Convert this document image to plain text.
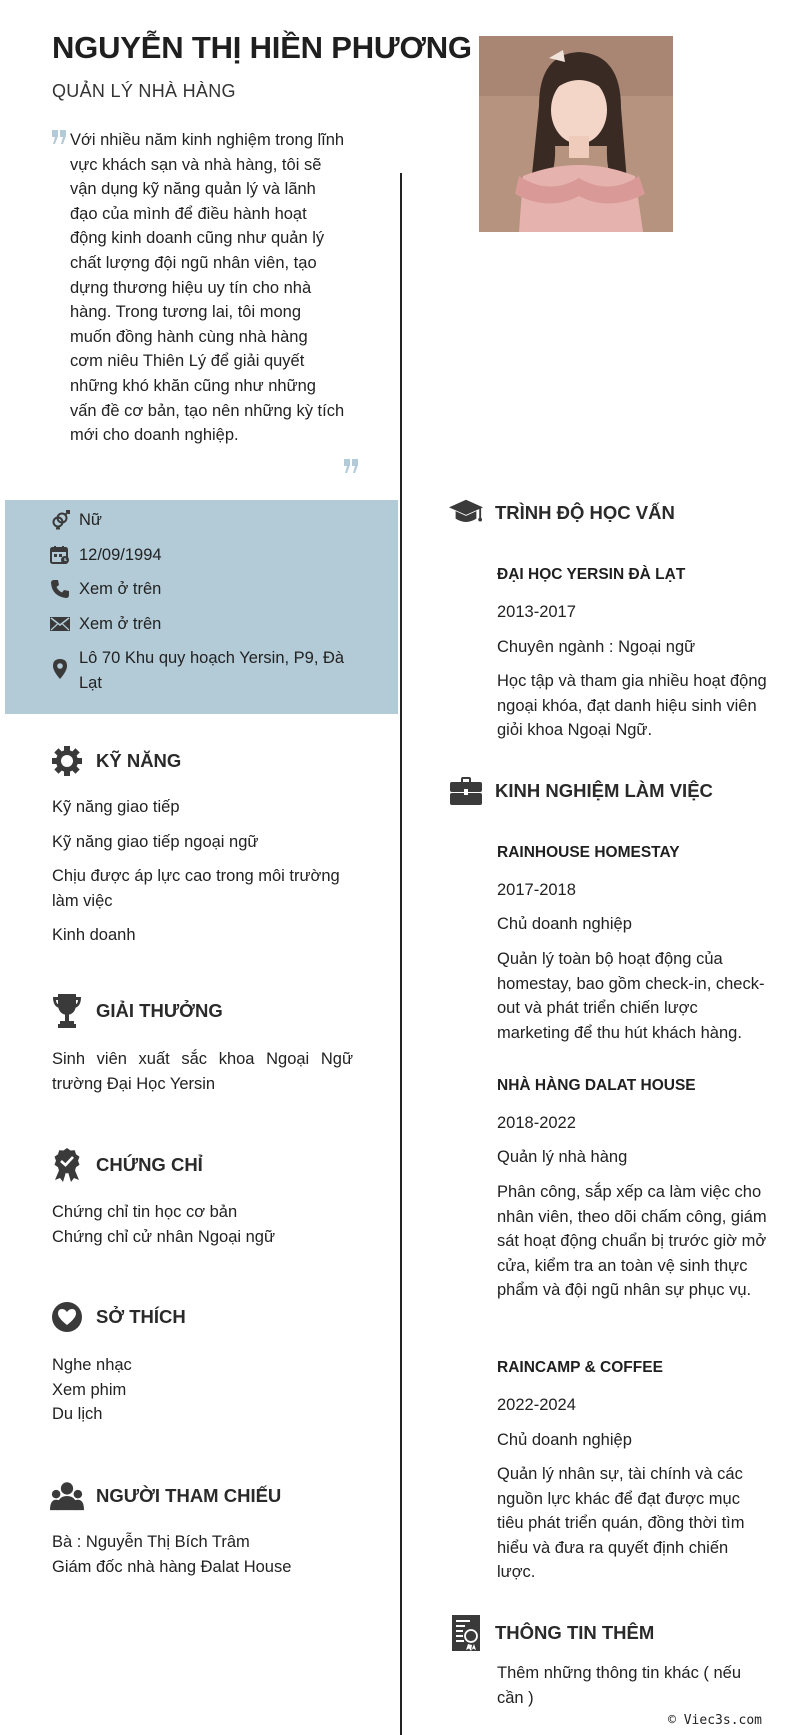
NGUYỄN THỊ HIỀN PHƯƠNG
QUẢN LÝ NHÀ HÀNG
Với nhiều năm kinh nghiệm trong lĩnh vực khách sạn và nhà hàng, tôi sẽ vận dụng kỹ năng quản lý và lãnh đạo của mình để điều hành hoạt động kinh doanh cũng như quản lý chất lượng đội ngũ nhân viên, tạo dựng thương hiệu uy tín cho nhà hàng. Trong tương lai, tôi mong muốn đồng hành cùng nhà hàng cơm niêu Thiên Lý để giải quyết những khó khăn cũng như những vấn đề cơ bản, tạo nên những kỳ tích mới cho doanh nghiệp.
Nữ
12/09/1994
Xem ở trên
Xem ở trên
Lô 70 Khu quy hoạch Yersin, P9, Đà Lạt
KỸ NĂNG
Kỹ năng giao tiếp
Kỹ năng giao tiếp ngoại ngữ
Chịu được áp lực cao trong môi trường làm việc
Kinh doanh
GIẢI THƯỞNG
Sinh viên xuất sắc khoa Ngoại Ngữ trường Đại Học Yersin
CHỨNG CHỈ
Chứng chỉ tin học cơ bản
Chứng chỉ cử nhân Ngoại ngữ
SỞ THÍCH
Nghe nhạc
Xem phim
Du lịch
NGƯỜI THAM CHIẾU
Bà : Nguyễn Thị Bích Trâm
Giám đốc nhà hàng Đalat House
TRÌNH ĐỘ HỌC VẤN
ĐẠI HỌC YERSIN ĐÀ LẠT
2013-2017
Chuyên ngành : Ngoại ngữ
Học tập và tham gia nhiều hoạt động ngoại khóa, đạt danh hiệu sinh viên giỏi khoa Ngoại Ngữ.
KINH NGHIỆM LÀM VIỆC
RAINHOUSE HOMESTAY
2017-2018
Chủ doanh nghiệp
Quản lý toàn bộ hoạt động của homestay, bao gồm check-in, check-out và phát triển chiến lược marketing để thu hút khách hàng.
NHÀ HÀNG DALAT HOUSE
2018-2022
Quản lý nhà hàng
Phân công, sắp xếp ca làm việc cho nhân viên, theo dõi chấm công, giám sát hoạt động chuẩn bị trước giờ mở cửa, kiểm tra an toàn vệ sinh thực phẩm và đội ngũ nhân sự phục vụ.
RAINCAMP & COFFEE
2022-2024
Chủ doanh nghiệp
Quản lý nhân sự, tài chính và các nguồn lực khác để đạt được mục tiêu phát triển quán, đồng thời tìm hiểu và đưa ra quyết định chiến lược.
THÔNG TIN THÊM
Thêm những thông tin khác ( nếu cần )
© Viec3s.com
